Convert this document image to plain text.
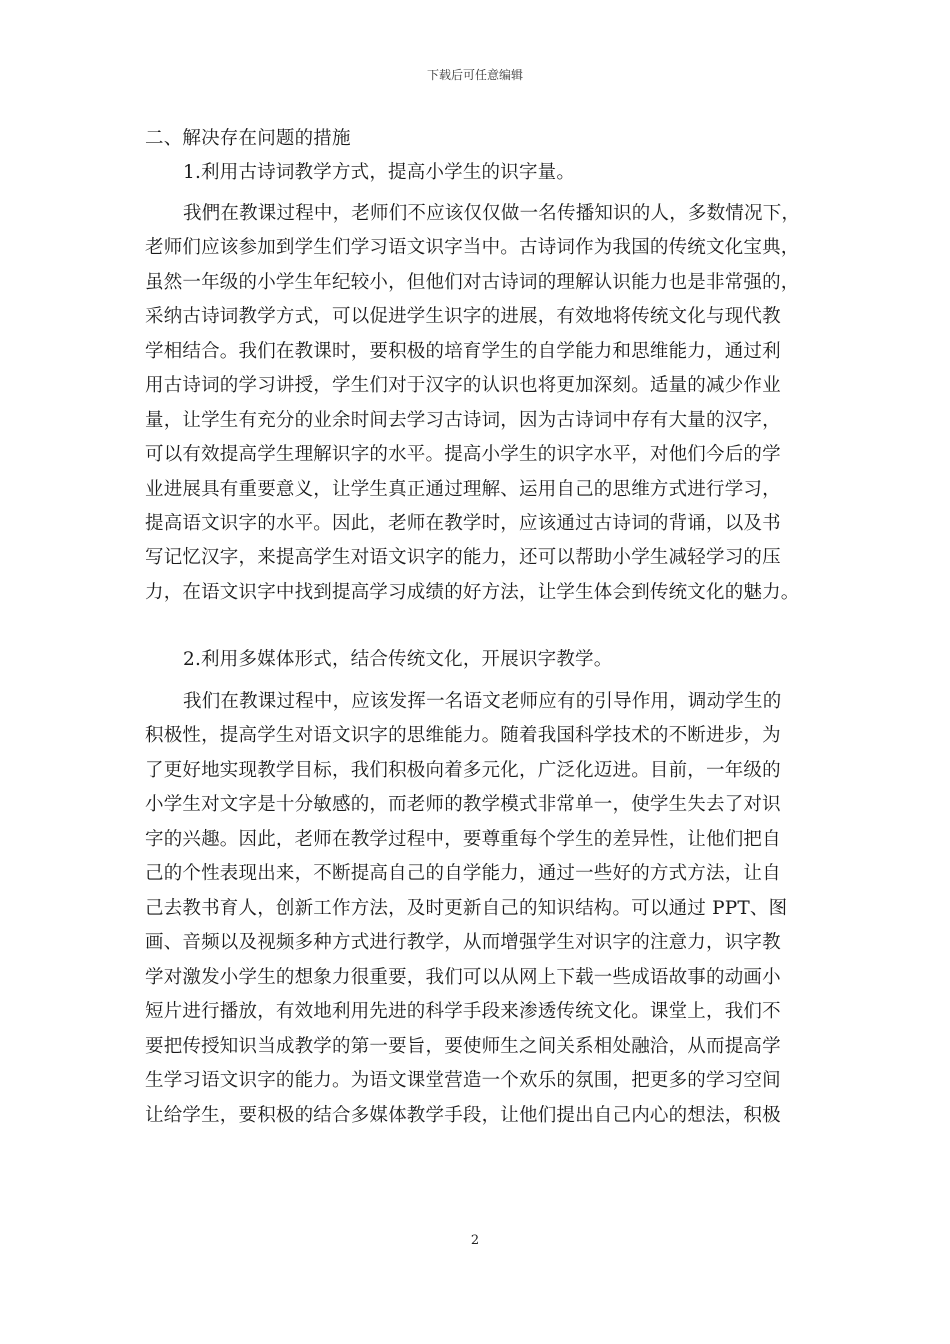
下载后可任意编辑
二、解决存在问题的措施
1.利用古诗词教学方式，提高小学生的识字量。
我們在教课过程中，老师们不应该仅仅做一名传播知识的人，多数情况下，
老师们应该参加到学生们学习语文识字当中。古诗词作为我国的传统文化宝典，
虽然一年级的小学生年纪较小，但他们对古诗词的理解认识能力也是非常强的，
采纳古诗词教学方式，可以促进学生识字的进展，有效地将传统文化与现代教
学相结合。我们在教课时，要积极的培育学生的自学能力和思维能力，通过利
用古诗词的学习讲授，学生们对于汉字的认识也将更加深刻。适量的减少作业
量，让学生有充分的业余时间去学习古诗词，因为古诗词中存有大量的汉字，
可以有效提高学生理解识字的水平。提高小学生的识字水平，对他们今后的学
业进展具有重要意义，让学生真正通过理解、运用自己的思维方式进行学习，
提高语文识字的水平。因此，老师在教学时，应该通过古诗词的背诵，以及书
写记忆汉字，来提高学生对语文识字的能力，还可以帮助小学生减轻学习的压
力，在语文识字中找到提高学习成绩的好方法，让学生体会到传统文化的魅力。
2.利用多媒体形式，结合传统文化，开展识字教学。
我们在教课过程中，应该发挥一名语文老师应有的引导作用，调动学生的
积极性，提高学生对语文识字的思维能力。随着我国科学技术的不断进步，为
了更好地实现教学目标，我们积极向着多元化，广泛化迈进。目前，一年级的
小学生对文字是十分敏感的，而老师的教学模式非常单一，使学生失去了对识
字的兴趣。因此，老师在教学过程中，要尊重每个学生的差异性，让他们把自
己的个性表现出来，不断提高自己的自学能力，通过一些好的方式方法，让自
己去教书育人，创新工作方法，及时更新自己的知识结构。可以通过 PPT、图
画、音频以及视频多种方式进行教学，从而增强学生对识字的注意力，识字教
学对激发小学生的想象力很重要，我们可以从网上下载一些成语故事的动画小
短片进行播放，有效地利用先进的科学手段来渗透传统文化。课堂上，我们不
要把传授知识当成教学的第一要旨，要使师生之间关系相处融洽，从而提高学
生学习语文识字的能力。为语文课堂营造一个欢乐的氛围，把更多的学习空间
让给学生，要积极的结合多媒体教学手段，让他们提出自己内心的想法，积极
2
